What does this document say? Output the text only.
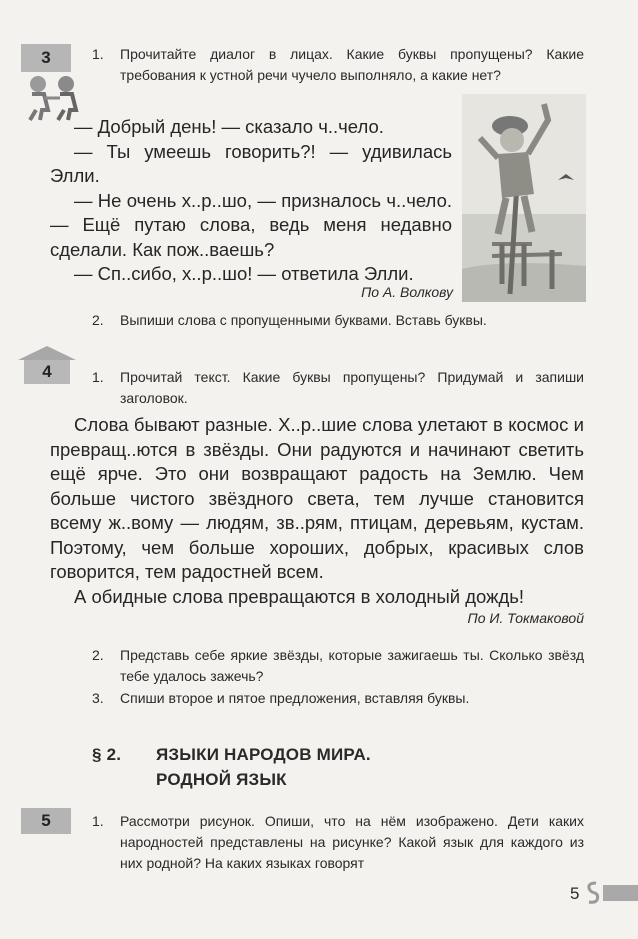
3	1. Прочитайте диалог в лицах. Какие буквы пропущены? Какие требования к устной речи чучело выполняло, а какие нет?

— Добрый день! — сказало ч..чело.

— Ты умеешь говорить?! — удивилась Элли.

— Не очень х..р..шо, — призналось ч..чело. — Ещё путаю слова, ведь меня недавно сделали. Как пож..ваешь?

— Сп..сибо, х..р..шо! — ответила Элли.

По А. Волкову
2. Выпиши слова с пропущенными буквами. Вставь буквы.
4	1. Прочитай текст. Какие буквы пропущены? Придумай и запиши заголовок.

Слова бывают разные. Х..р..шие слова улетают в космос и превращ..ются в звёзды. Они радуются и начинают светить ещё ярче. Это они возвращают радость на Землю. Чем больше чистого звёздного света, тем лучше становится всему ж..вому — людям, зв..рям, птицам, деревьям, кустам. Поэтому, чем больше хороших, добрых, красивых слов говорится, тем радостней всем.

А обидные слова превращаются в холодный дождь!

По И. Токмаковой
2. Представь себе яркие звёзды, которые зажигаешь ты. Сколько звёзд тебе удалось зажечь?
3. Спиши второе и пятое предложения, вставляя буквы.
§ 2. ЯЗЫКИ НАРОДОВ МИРА.
РОДНОЙ ЯЗЫК
5	1. Рассмотри рисунок. Опиши, что на нём изображено. Дети каких народностей представлены на рисунке? Какой язык для каждого из них родной? На каких языках говорят
5
